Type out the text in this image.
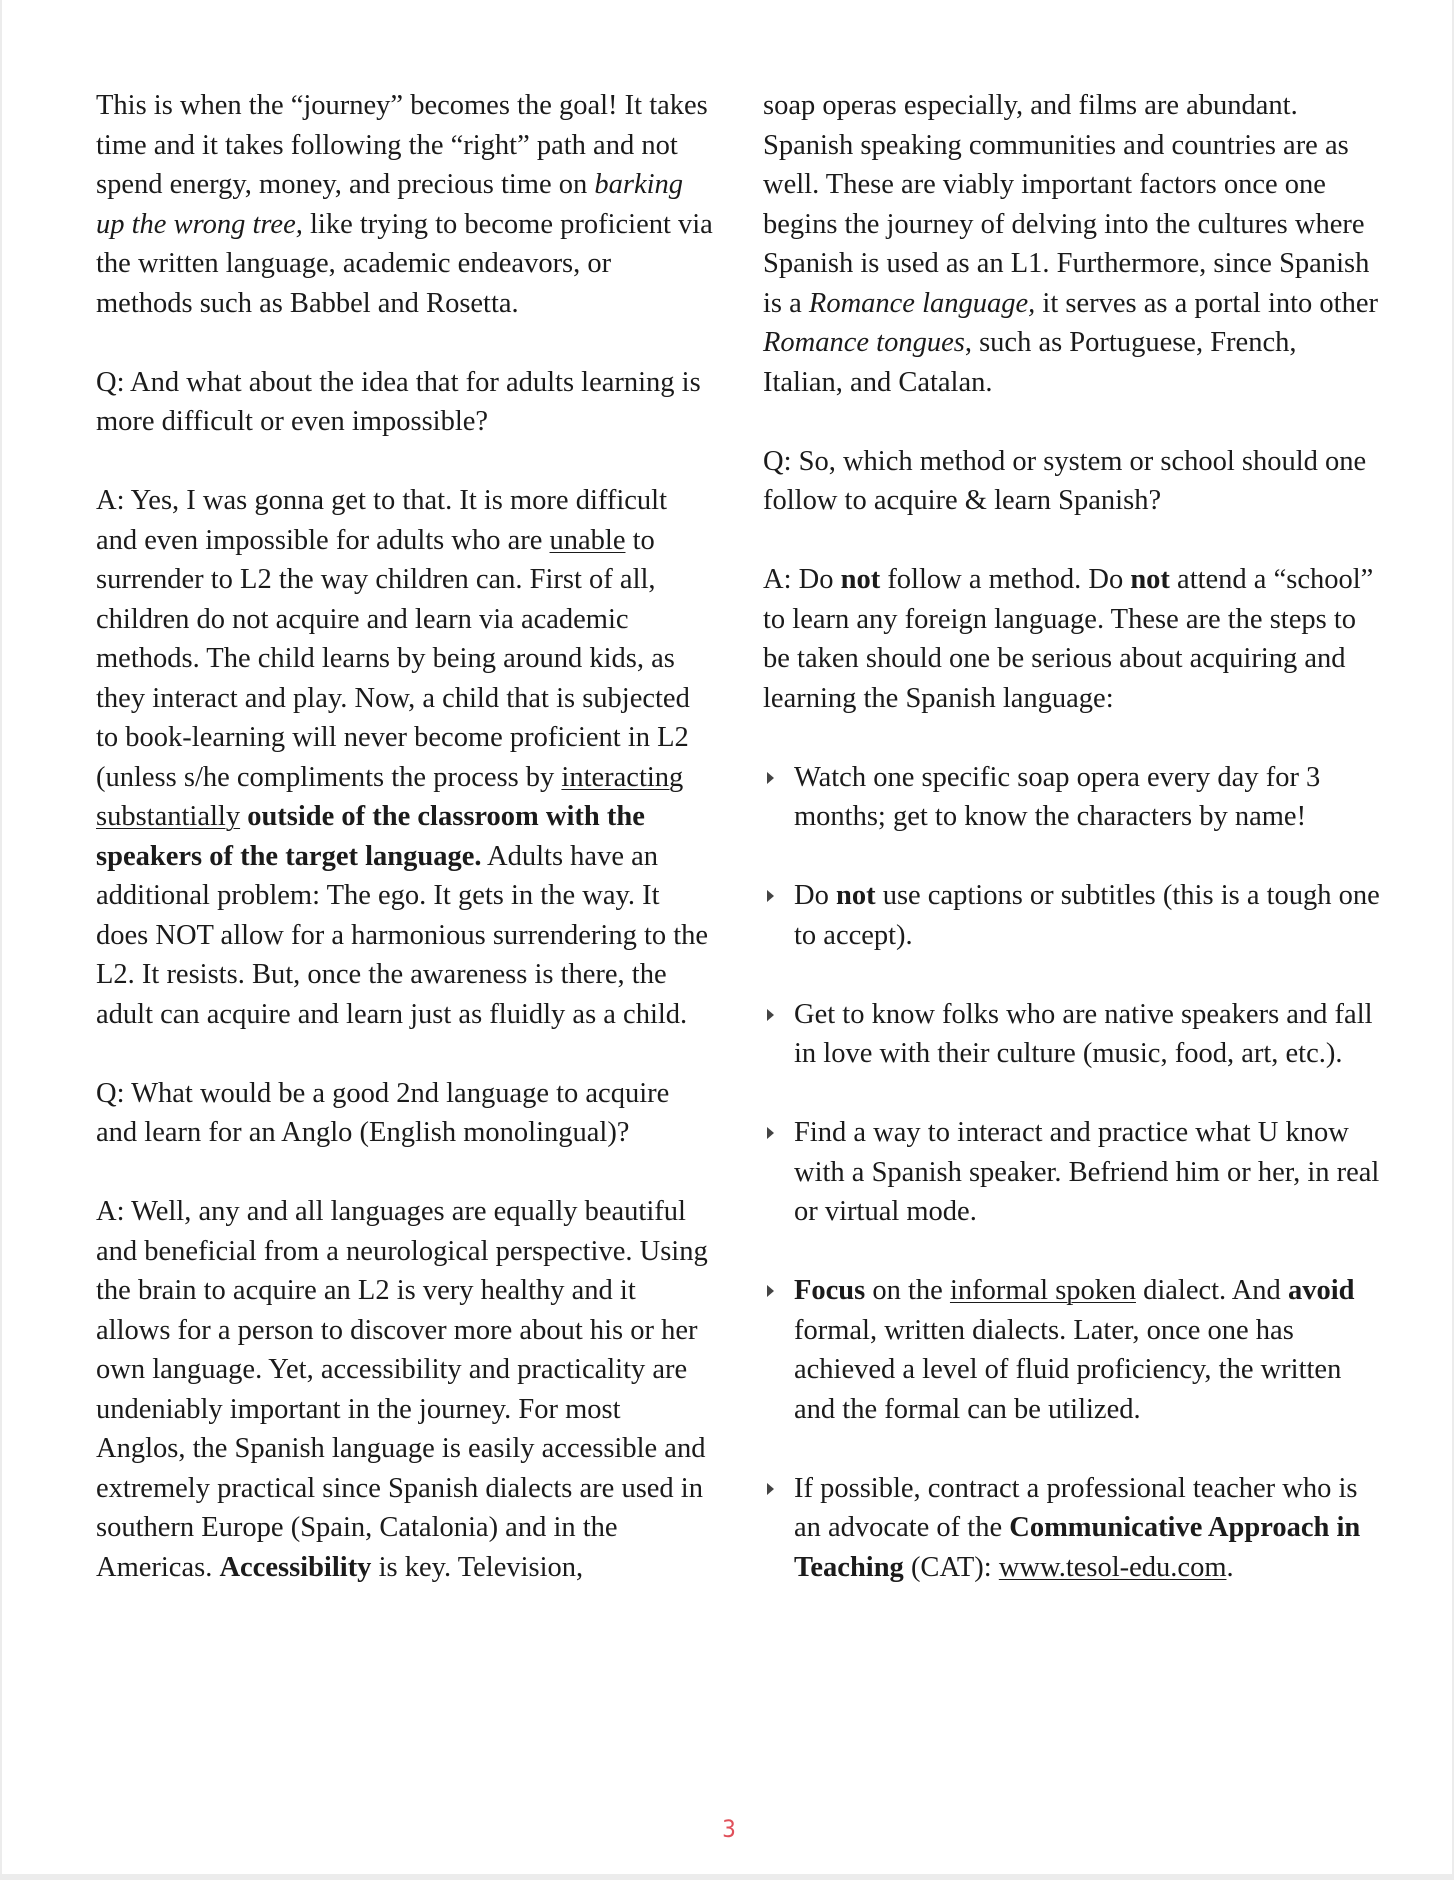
This is when the “journey” becomes the goal! It takes time and it takes following the “right” path and not spend energy, money, and precious time on barking up the wrong tree, like trying to become proficient via the written language, academic endeavors, or methods such as Babbel and Rosetta.

Q: And what about the idea that for adults learning is more difficult or even impossible?

A: Yes, I was gonna get to that. It is more difficult and even impossible for adults who are unable to surrender to L2 the way children can. First of all, children do not acquire and learn via academic methods. The child learns by being around kids, as they interact and play. Now, a child that is subjected to book-learning will never become proficient in L2 (unless s/he compliments the process by interacting substantially outside of the classroom with the speakers of the target language. Adults have an additional problem: The ego. It gets in the way. It does NOT allow for a harmonious surrendering to the L2. It resists. But, once the awareness is there, the adult can acquire and learn just as fluidly as a child.

Q: What would be a good 2nd language to acquire and learn for an Anglo (English monolingual)?

A: Well, any and all languages are equally beautiful and beneficial from a neurological perspective. Using the brain to acquire an L2 is very healthy and it allows for a person to discover more about his or her own language. Yet, accessibility and practicality are undeniably important in the journey. For most Anglos, the Spanish language is easily accessible and extremely practical since Spanish dialects are used in southern Europe (Spain, Catalonia) and in the Americas. Accessibility is key. Television,

soap operas especially, and films are abundant. Spanish speaking communities and countries are as well. These are viably important factors once one begins the journey of delving into the cultures where Spanish is used as an L1. Furthermore, since Spanish is a Romance language, it serves as a portal into other Romance tongues, such as Portuguese, French, Italian, and Catalan.

Q: So, which method or system or school should one follow to acquire & learn Spanish?

A: Do not follow a method. Do not attend a “school” to learn any foreign language. These are the steps to be taken should one be serious about acquiring and learning the Spanish language:

Watch one specific soap opera every day for 3 months; get to know the characters by name!
Do not use captions or subtitles (this is a tough one to accept).
Get to know folks who are native speakers and fall in love with their culture (music, food, art, etc.).
Find a way to interact and practice what U know with a Spanish speaker. Befriend him or her, in real or virtual mode.
Focus on the informal spoken dialect. And avoid formal, written dialects. Later, once one has achieved a level of fluid proficiency, the written and the formal can be utilized.
If possible, contract a professional teacher who is an advocate of the Communicative Approach in Teaching (CAT): www.tesol-edu.com.
3
